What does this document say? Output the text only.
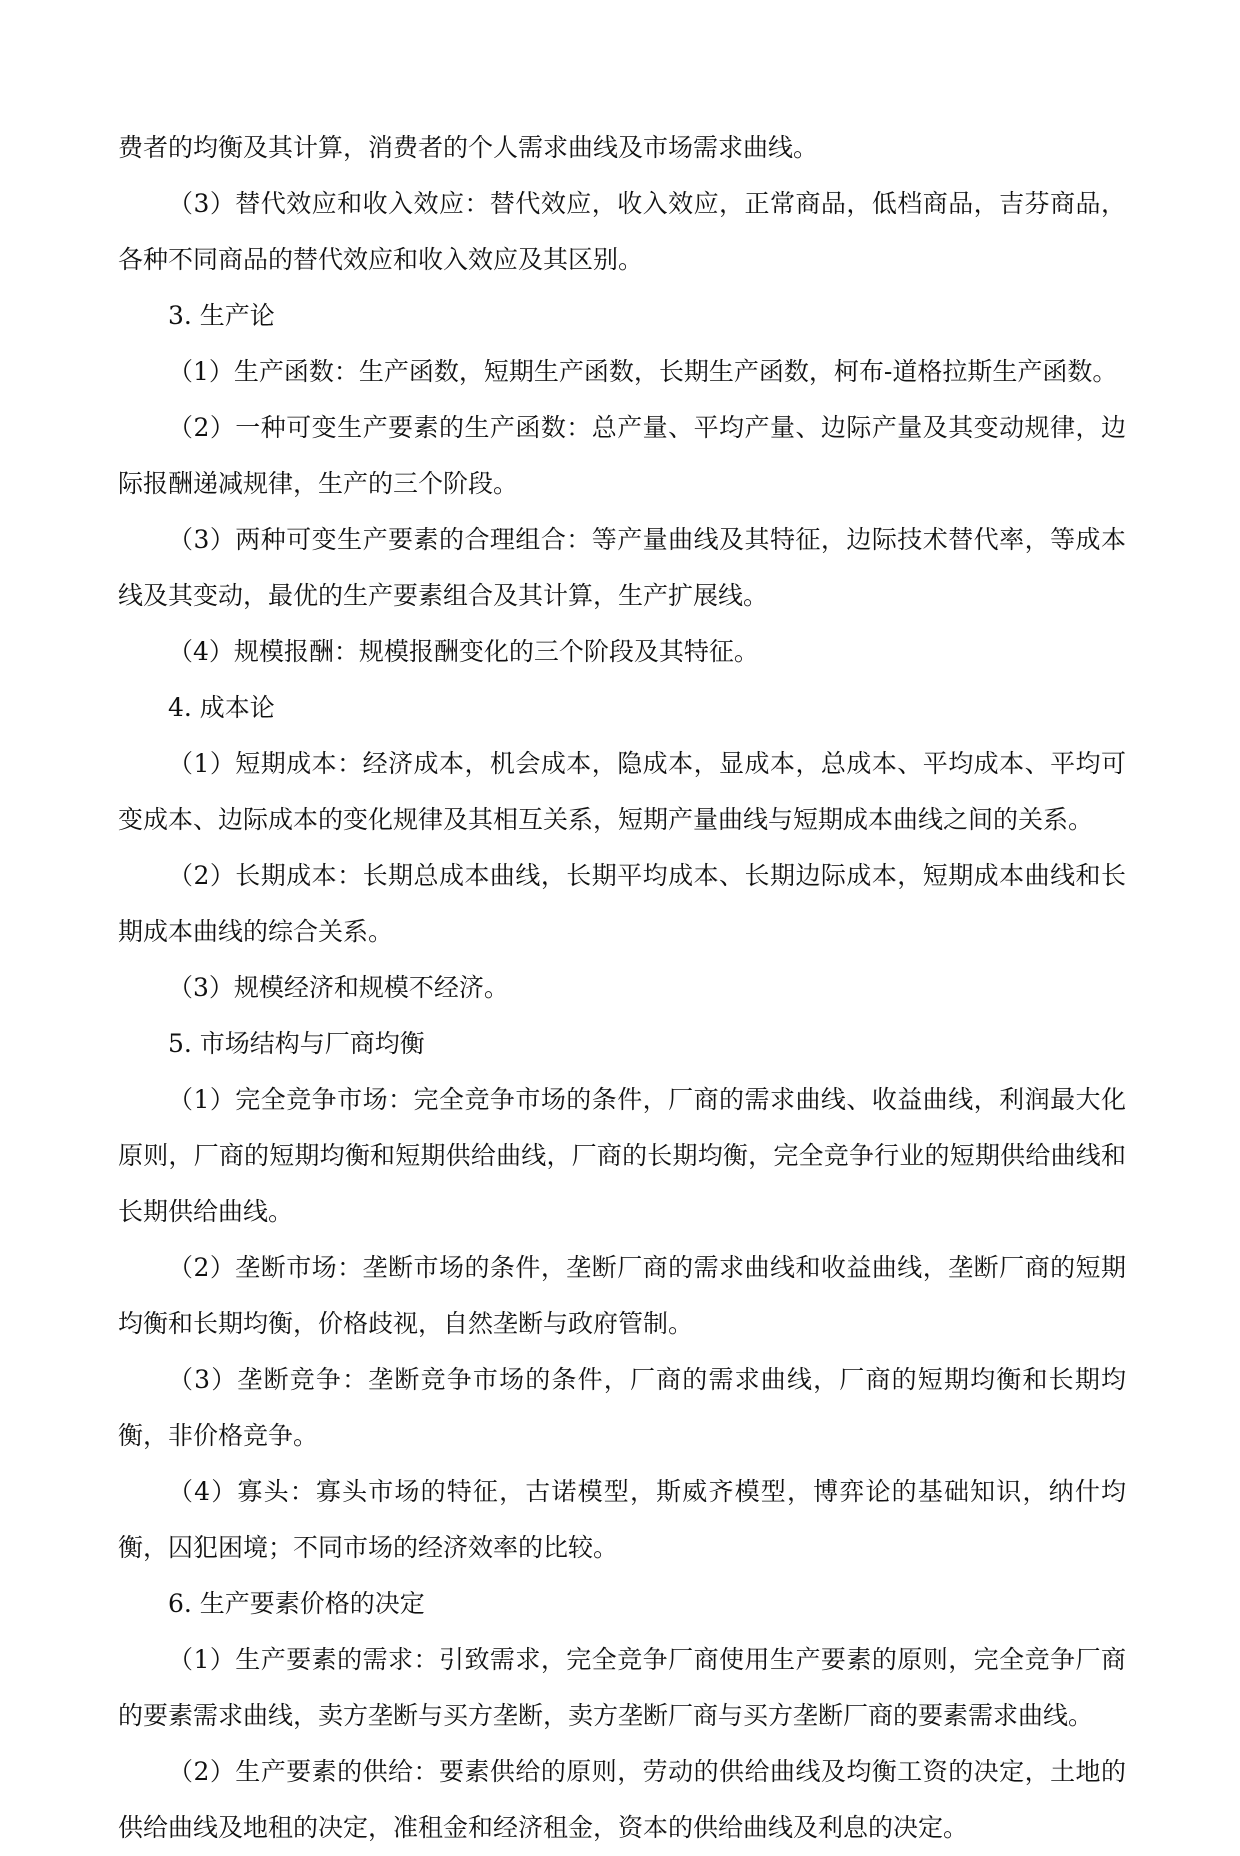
费者的均衡及其计算，消费者的个人需求曲线及市场需求曲线。

（3）替代效应和收入效应：替代效应，收入效应，正常商品，低档商品，吉芬商品，各种不同商品的替代效应和收入效应及其区别。

3. 生产论

（1）生产函数：生产函数，短期生产函数，长期生产函数，柯布-道格拉斯生产函数。

（2）一种可变生产要素的生产函数：总产量、平均产量、边际产量及其变动规律，边际报酬递减规律，生产的三个阶段。

（3）两种可变生产要素的合理组合：等产量曲线及其特征，边际技术替代率，等成本线及其变动，最优的生产要素组合及其计算，生产扩展线。

（4）规模报酬：规模报酬变化的三个阶段及其特征。

4. 成本论

（1）短期成本：经济成本，机会成本，隐成本，显成本，总成本、平均成本、平均可变成本、边际成本的变化规律及其相互关系，短期产量曲线与短期成本曲线之间的关系。

（2）长期成本：长期总成本曲线，长期平均成本、长期边际成本，短期成本曲线和长期成本曲线的综合关系。

（3）规模经济和规模不经济。

5. 市场结构与厂商均衡

（1）完全竞争市场：完全竞争市场的条件，厂商的需求曲线、收益曲线，利润最大化原则，厂商的短期均衡和短期供给曲线，厂商的长期均衡，完全竞争行业的短期供给曲线和长期供给曲线。

（2）垄断市场：垄断市场的条件，垄断厂商的需求曲线和收益曲线，垄断厂商的短期均衡和长期均衡，价格歧视，自然垄断与政府管制。

（3）垄断竞争：垄断竞争市场的条件，厂商的需求曲线，厂商的短期均衡和长期均衡，非价格竞争。

（4）寡头：寡头市场的特征，古诺模型，斯威齐模型，博弈论的基础知识，纳什均衡，囚犯困境；不同市场的经济效率的比较。

6. 生产要素价格的决定

（1）生产要素的需求：引致需求，完全竞争厂商使用生产要素的原则，完全竞争厂商的要素需求曲线，卖方垄断与买方垄断，卖方垄断厂商与买方垄断厂商的要素需求曲线。

（2）生产要素的供给：要素供给的原则，劳动的供给曲线及均衡工资的决定，土地的供给曲线及地租的决定，准租金和经济租金，资本的供给曲线及利息的决定。
